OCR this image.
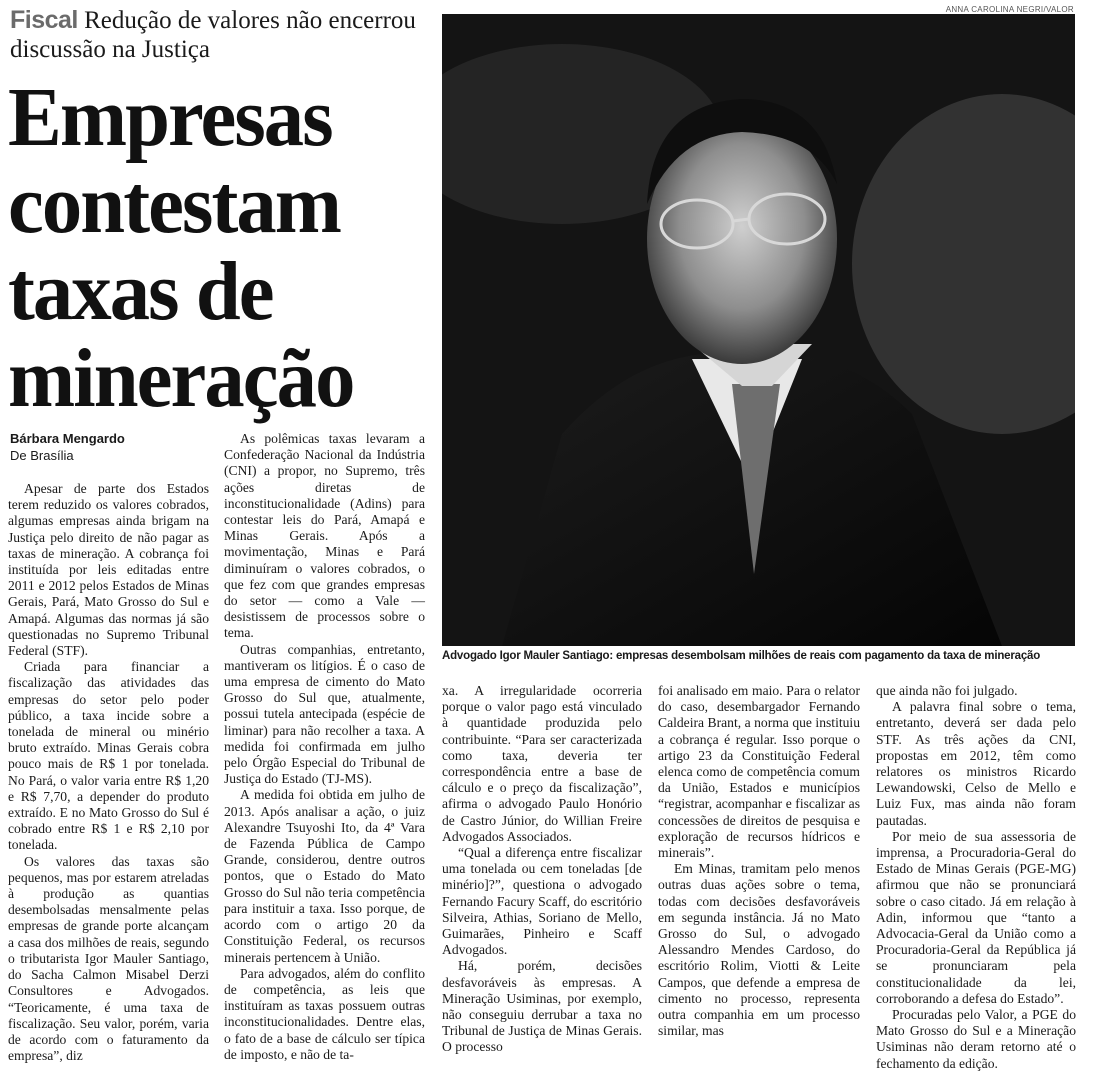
Fiscal Redução de valores não encerrou discussão na Justiça
Empresas
contestam
taxas de
mineração
Bárbara Mengardo
De Brasília
ANNA CAROLINA NEGRI/VALOR
Advogado Igor Mauler Santiago: empresas desembolsam milhões de reais com pagamento da taxa de mineração

Apesar de parte dos Estados terem reduzido os valores cobrados, algumas empresas ainda brigam na Justiça pelo direito de não pagar as taxas de mineração. A cobrança foi instituída por leis editadas entre 2011 e 2012 pelos Estados de Minas Gerais, Pará, Mato Grosso do Sul e Amapá. Algumas das normas já são questionadas no Supremo Tribunal Federal (STF).

Criada para financiar a fiscalização das atividades das empresas do setor pelo poder público, a taxa incide sobre a tonelada de mineral ou minério bruto extraído. Minas Gerais cobra pouco mais de R$ 1 por tonelada. No Pará, o valor varia entre R$ 1,20 e R$ 7,70, a depender do produto extraído. E no Mato Grosso do Sul é cobrado entre R$ 1 e R$ 2,10 por tonelada.

Os valores das taxas são pequenos, mas por estarem atreladas à produção as quantias desembolsadas mensalmente pelas empresas de grande porte alcançam a casa dos milhões de reais, segundo o tributarista Igor Mauler Santiago, do Sacha Calmon Misabel Derzi Consultores e Advogados. “Teoricamente, é uma taxa de fiscalização. Seu valor, porém, varia de acordo com o faturamento da empresa”, diz

As polêmicas taxas levaram a Confederação Nacional da Indústria (CNI) a propor, no Supremo, três ações diretas de inconstitucionalidade (Adins) para contestar leis do Pará, Amapá e Minas Gerais. Após a movimentação, Minas e Pará diminuíram o valores cobrados, o que fez com que grandes empresas do setor — como a Vale — desistissem de processos sobre o tema.

Outras companhias, entretanto, mantiveram os litígios. É o caso de uma empresa de cimento do Mato Grosso do Sul que, atualmente, possui tutela antecipada (espécie de liminar) para não recolher a taxa. A medida foi confirmada em julho pelo Órgão Especial do Tribunal de Justiça do Estado (TJ-MS).

A medida foi obtida em julho de 2013. Após analisar a ação, o juiz Alexandre Tsuyoshi Ito, da 4ª Vara de Fazenda Pública de Campo Grande, considerou, dentre outros pontos, que o Estado do Mato Grosso do Sul não teria competência para instituir a taxa. Isso porque, de acordo com o artigo 20 da Constituição Federal, os recursos minerais pertencem à União.

Para advogados, além do conflito de competência, as leis que instituíram as taxas possuem outras inconstitucionalidades. Dentre elas, o fato de a base de cálculo ser típica de imposto, e não de ta-

xa. A irregularidade ocorreria porque o valor pago está vinculado à quantidade produzida pelo contribuinte. “Para ser caracterizada como taxa, deveria ter correspondência entre a base de cálculo e o preço da fiscalização”, afirma o advogado Paulo Honório de Castro Júnior, do Willian Freire Advogados Associados.

“Qual a diferença entre fiscalizar uma tonelada ou cem toneladas [de minério]?”, questiona o advogado Fernando Facury Scaff, do escritório Silveira, Athias, Soriano de Mello, Guimarães, Pinheiro e Scaff Advogados.

Há, porém, decisões desfavoráveis às empresas. A Mineração Usiminas, por exemplo, não conseguiu derrubar a taxa no Tribunal de Justiça de Minas Gerais. O processo

foi analisado em maio. Para o relator do caso, desembargador Fernando Caldeira Brant, a norma que instituiu a cobrança é regular. Isso porque o artigo 23 da Constituição Federal elenca como de competência comum da União, Estados e municípios “registrar, acompanhar e fiscalizar as concessões de direitos de pesquisa e exploração de recursos hídricos e minerais”.

Em Minas, tramitam pelo menos outras duas ações sobre o tema, todas com decisões desfavoráveis em segunda instância. Já no Mato Grosso do Sul, o advogado Alessandro Mendes Cardoso, do escritório Rolim, Viotti & Leite Campos, que defende a empresa de cimento no processo, representa outra companhia em um processo similar, mas

que ainda não foi julgado.

A palavra final sobre o tema, entretanto, deverá ser dada pelo STF. As três ações da CNI, propostas em 2012, têm como relatores os ministros Ricardo Lewandowski, Celso de Mello e Luiz Fux, mas ainda não foram pautadas.

Por meio de sua assessoria de imprensa, a Procuradoria-Geral do Estado de Minas Gerais (PGE-MG) afirmou que não se pronunciará sobre o caso citado. Já em relação à Adin, informou que “tanto a Advocacia-Geral da União como a Procuradoria-Geral da República já se pronunciaram pela constitucionalidade da lei, corroborando a defesa do Estado”.

Procuradas pelo Valor, a PGE do Mato Grosso do Sul e a Mineração Usiminas não deram retorno até o fechamento da edição.
